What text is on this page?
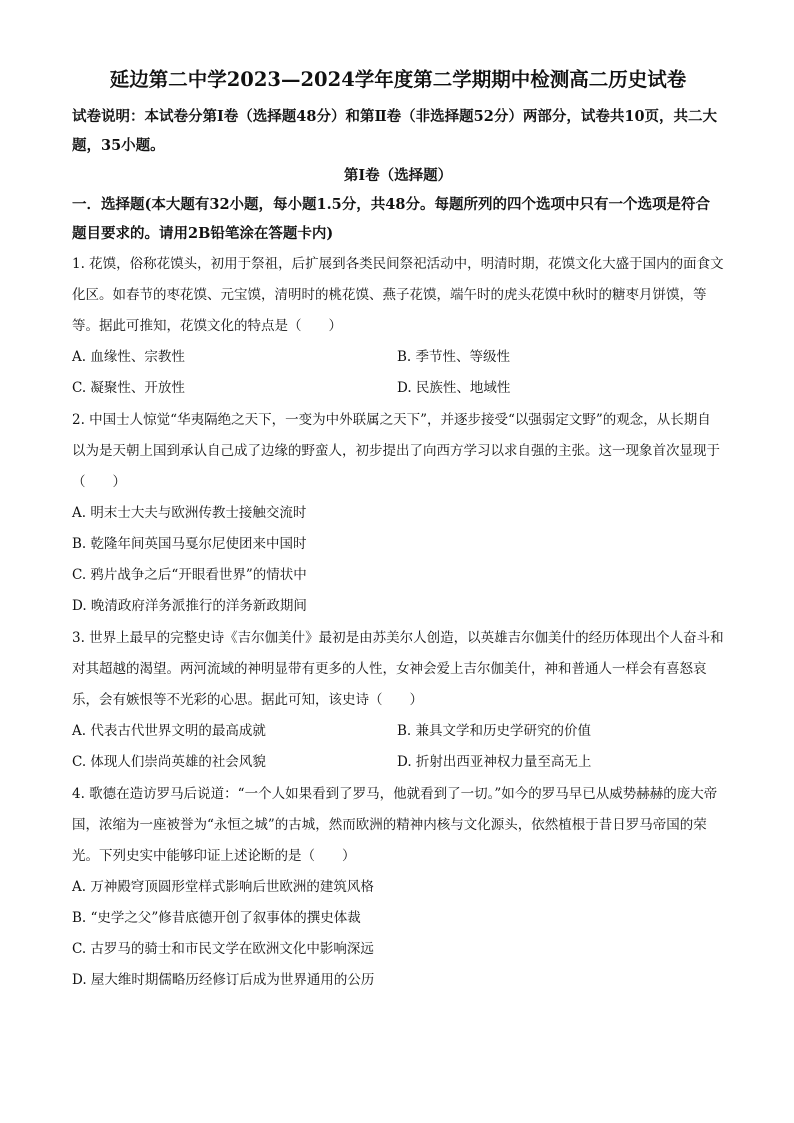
延边第二中学2023—2024学年度第二学期期中检测高二历史试卷

试卷说明：本试卷分第Ⅰ卷（选择题48分）和第Ⅱ卷（非选择题52分）两部分，试卷共10页，共二大题，35小题。

第Ⅰ卷（选择题）

一．选择题(本大题有32小题，每小题1.5分，共48分。每题所列的四个选项中只有一个选项是符合题目要求的。请用2B铅笔涂在答题卡内)

1. 花馍，俗称花馍头，初用于祭祖，后扩展到各类民间祭祀活动中，明清时期，花馍文化大盛于国内的面食文化区。如春节的枣花馍、元宝馍，清明时的桃花馍、燕子花馍，端午时的虎头花馍中秋时的糖枣月饼馍，等等。据此可推知，花馍文化的特点是（　　）

A. 血缘性、宗教性	B. 季节性、等级性
C. 凝聚性、开放性	D. 民族性、地域性

2. 中国士人惊觉“华夷隔绝之天下，一变为中外联属之天下”，并逐步接受“以强弱定文野”的观念，从长期自以为是天朝上国到承认自己成了边缘的野蛮人，初步提出了向西方学习以求自强的主张。这一现象首次显现于（　　）

A. 明末士大夫与欧洲传教士接触交流时
B. 乾隆年间英国马戛尔尼使团来中国时
C. 鸦片战争之后“开眼看世界”的情状中
D. 晚清政府洋务派推行的洋务新政期间

3. 世界上最早的完整史诗《吉尔伽美什》最初是由苏美尔人创造，以英雄吉尔伽美什的经历体现出个人奋斗和对其超越的渴望。两河流域的神明显带有更多的人性，女神会爱上吉尔伽美什，神和普通人一样会有喜怒哀乐，会有嫉恨等不光彩的心思。据此可知，该史诗（　　）

A. 代表古代世界文明的最高成就	B. 兼具文学和历史学研究的价值
C. 体现人们崇尚英雄的社会风貌	D. 折射出西亚神权力量至高无上

4. 歌德在造访罗马后说道：“一个人如果看到了罗马，他就看到了一切。”如今的罗马早已从威势赫赫的庞大帝国，浓缩为一座被誉为“永恒之城”的古城，然而欧洲的精神内核与文化源头，依然植根于昔日罗马帝国的荣光。下列史实中能够印证上述论断的是（　　）

A. 万神殿穹顶圆形堂样式影响后世欧洲的建筑风格
B. “史学之父”修昔底德开创了叙事体的撰史体裁
C. 古罗马的骑士和市民文学在欧洲文化中影响深远
D. 屋大维时期儒略历经修订后成为世界通用的公历
